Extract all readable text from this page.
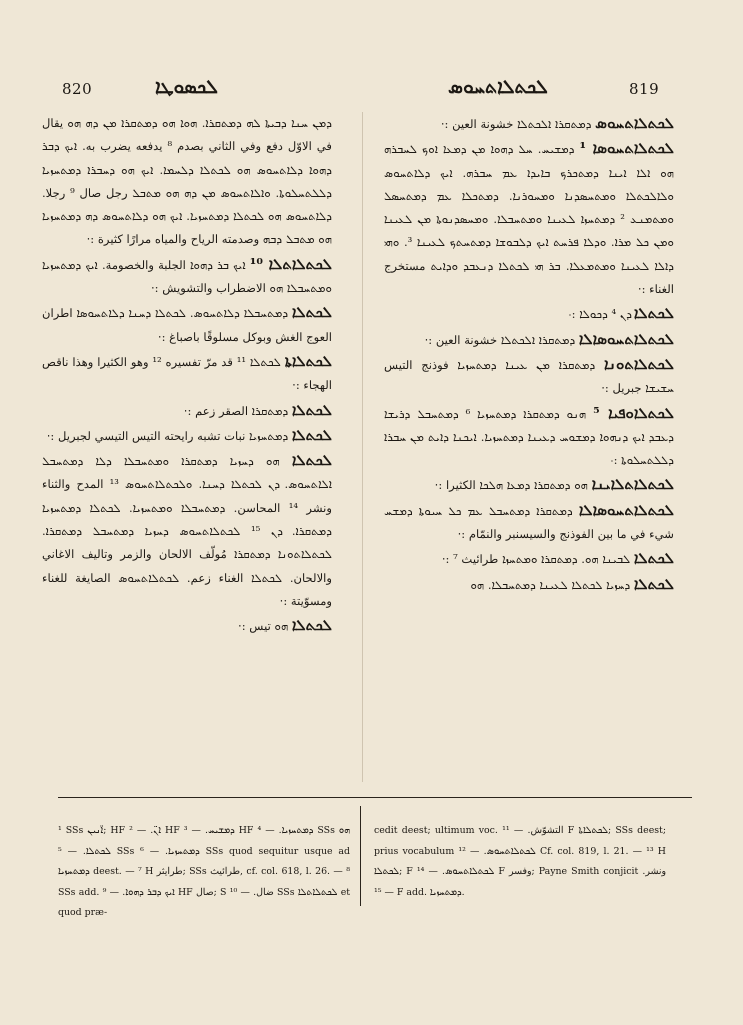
820	ܠܟܣܘܛܐ	ܠܟܬܠܐܬܚܘܣ	819
ܠܟܬܠܐܬܚܘܣ ܕܡܬܩܪܐ ܐܠܟܬܠܐ خشونة العين :‧
ܠܟܬܠܐܬܚܘܣܐ ¹ ܕܡܫܝܚ. ܚܠ ܕܗܘܐ ܡܢ ܕܡܥܐ ܐܘܟ ܠܚܒܪܗ ܗܘ ܐܠܐ ܐܝܢܐ ܕܡܬܟܪܟ ܒܐܝܕܐ ܥܡ ܚܒܪܗ. ܐܝܟ ܕܠܐܬܚܘܣ ܘܠܐܠܟܬܠܐ ܘܡܬܚܣܕܢܐ ܘܡܚܘܪܢܐ. ܕܡܬܟܠܐ ܥܡ ܕܡܬܚܣܠ ܘܡܬܡܢܥ ² ܕܡܬܚܙܐ ܠܥܝܢܐ ܘܡܬܚܒܠܐ. ܘܡܚܣܕܢܘܬܐ ܡܢ ܠܥܝܢܐ ܘܡܢ ܟܠ ܡܪܐ. ܘܕܠܐ ܦܪܚܬ ܐܝܟ ܕܠܒܘܫܐ ܕܡܬܚܬܟ ܠܥܝܢܐ ³. ܘܗܝ ܕܐܠܐ ܠܥܝܢܐ ܘܡܬܡܥܠܐ. ܒܪ ܗܝ ܠܟܬܠܐ ܕܢܥܒܕ ܘܕܐܝܬ مستخرج الغناء :‧
ܠܟܬܠܐ ܕܢ ⁴ ܕܟܘܠܐ :‧
ܠܟܬܠܐܬܚܘܣܐܠܐ ܕܡܬܩܪܐ ܐܠܟܬܠܐ خشونة العين :‧
ܠܟܬܠܐܬܘܢܐ ܕܡܬܩܪܐ ܡܢ ܥܝܢܐ ܕܡܬܚܙܝܐ فوذنج التيس ܚܫܝܫܐ جبريل :‧
ܠܟܬܠܐܘܦܝܐ ⁵ ܗܢܘ ܕܡܬܩܪܐ ܕܡܬܚܙܝܐ ⁶ ܕܡܬܚܒܠ ܕܪܝܫܐ ܕܥܒܕ ܐܝܟ ܕܢܗܘܐ ܕܡܫܘܚ ܕܥܝܢܐ ܕܡܬܚܙܝܐ. ܐܝܟܢܐ ܕܐܝܬ ܡܢ ܚܒܪܐ ܕܠܠܬܚܠܘܬܐ :‧
ܠܟܬܠܐܬܠܐܝܢܐ ܗܘ ܕܡܬܩܪܐ ܕܡܥܐ ܗܠܟܐ الكثيرا :‧
ܠܟܬܠܐܬܚܘܣܐܠܐ ܕܡܬܩܪܐ ܕܡܬܚܒܠ ܥܡ ܟܠ ܚܝܘܬܐ ܕܡܫܚ شيء في ما بين الفوذنج والسيسنبر والنمّام :‧
ܠܟܬܠܐ ܠܒܝܢܐ ܗܘ. ܕܡܬܩܪܐ ܘܡܬܚܙܐ طرائيث ⁷ :‧
ܠܟܬܠܐ ܕܚܙܝܐ ܠܟܬܠܐ ܠܥܝܢܐ ܕܡܬܚܒܠܐ. ܗܘ
ܕܡܢ ܚܢܐ ܕܒܝܬܐ ܠܗ ܕܡܬܩܪܐ. ܗܘܐ ܗܘ ܕܡܬܩܪܐ ܡܢ ܕܗ ܗܘ يقال في الاوّل دفع وفي الثاني بصدم ⁸ يدفعه يضرب به. ܐܝܟ ܕܒܪ ܕܗܘܐ ܕܠܐܬܚܘܣ ܗܘ ܠܟܬܠܐ ܕܠܚܡܐ. ܐܝܟ ܗܘ ܕܚܒܪܐ ܕܡܬܚܙܝܐ ܕܠܠܬܚܠܘܬܐ. ܘܐܠܐܬܚܘܣ ܡܢ ܕܗ ܗܘ ܡܬܒܠ رجل صال ⁹ رجلا. ܕܠܐܬܚܘܣ ܗܘ ܠܟܬܠܐ ܕܡܬܚܙܝܐ. ܐܝܟ ܗܘ ܕܠܐܬܚܘܣ ܕܗ ܕܡܬܚܙܝܐ ܗܘ ܡܬܒܠ ܕܒܗ وصدمته الرياح والمياه مرارًا كثيرة :‧
ܠܟܬܠܐܬܠܐ ¹⁰ ܐܝܟ ܒܪ ܕܗܘܐ الجلبة والخصومة. ܐܝܟ ܕܡܬܚܙܝܐ ܘܡܬܚܒܠܐ ܗܘ الاضطراب والتشويش :‧
ܠܟܬܠܐ ܕܡܬܚܒܠܐ ܕܠܐܬܚܘܣ. ܠܟܬܠܐ ܕܚܢܐ ܕܠܐܬܚܘܣܐ اطران العوج الغش وبوكل مسلوقًا باصباغ :‧
ܠܟܬܠܐܬܐ ܠܟܬܠܐ ¹¹ قد مرّ تفسيره ¹² وهو الكثيرا وهذا ناقص الهجاء :‧
ܠܟܬܠܐ ܕܡܬܩܪܐ الصقر زعم :‧
ܠܟܬܠܐ ܕܡܬܚܙܝܐ نبات تشبه رايحته التيس التيسي لجبريل :‧
ܠܟܬܠܐ ܗܘ ܕܚܙܝܐ ܕܡܬܩܪܐ ܘܡܬܚܒܠܐ ܕܠܐ ܕܡܬܚܒܠ ܐܠܐܬܚܘܣ. ܕܢ ܠܟܬܠܐ ܕܚܢܐ. ܘܠܟܬܠܐܬܚܘܣ ¹³ المدح والثناء ونشر ¹⁴ المحاسن. ܕܡܬܚܒܠܐ ܘܡܬܚܙܝܐ. ܠܟܬܠܐ ܕܡܬܚܙܝܐ ܕܡܬܩܪܐ. ܕܢ ¹⁵ ܠܟܬܠܐܬܚܘܣ ܕܚܙܝܐ ܕܡܬܚܒܠ ܕܡܬܩܪܐ. ܠܟܬܠܐܬܘܢܐ ܕܡܬܩܪܐ مُولّف الالحان والزمر وتاليف الاغاني والالحان. ܠܟܬܠܐ الغناء زعم. ܠܟܬܠܐܬܚܘܣ الصايغة للغناء ومسوّيتة :‧
ܠܟܬܠܐ ܗܘ تيس :‧
¹ SSs ܐ̈ܢܝܢ; HF ܐܢ̈. — ² HF ܕܡܫܝܚ. — ³ HF ܕܡܬܚܙܝܐ. — ⁴ SSs ܗܘ ܠܟܬܠܐ. — ⁵ SSs ܕܡܬܚܙܝܐ. — ⁶ SSs quod sequitur usque ad ܕܡܬܚܙܝܐ deest. — ⁷ H طرايثر; SSs طرائيث, cf. col. 618, l. 26. — ⁸ SSs add. ܐܝܟ ܕܒܪ ܕܗܘܐ. — ⁹ HF صال; S ضال. — ¹⁰ SSs ܠܟܬܠܐܬܠܐ et quod præ-
cedit deest; ultimum voc. التشوّش. — ¹¹ F ܠܟܬܠܐܬܐ; SSs deest; prius vocabulum ܠܟܬܠܐܬܚܘܣ. — ¹² Cf. col. 819, l. 21. — ¹³ H ܠܟܬܠܐ; F ܠܟܬܠܐܬܚܘܣ. — ¹⁴ F وفسر; Payne Smith conjicit ونشر. — ¹⁵ F add. ܕܡܬܚܙܝܐ.
